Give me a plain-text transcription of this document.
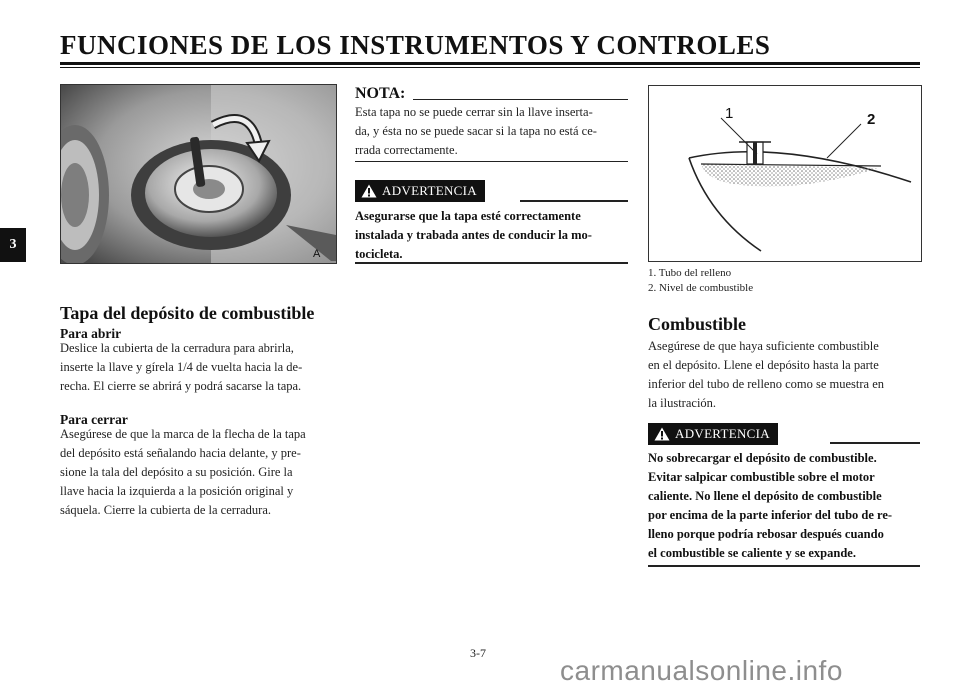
FUNCIONES DE LOS INSTRUMENTOS Y CONTROLES
3
A
Tapa del depósito de combustible
Para abrir
Deslice la cubierta de la cerradura para abrirla,
inserte la llave y gírela 1/4 de vuelta hacia la de-
recha. El cierre se abrirá y podrá sacarse la tapa.
Para cerrar
Asegúrese de que la marca de la flecha de la tapa
del depósito está señalando hacia delante, y pre-
sione la tala del depósito a su posición. Gire la
llave hacia la izquierda a la posición original y
sáquela. Cierre la cubierta de la cerradura.
NOTA:
Esta tapa no se puede cerrar sin la llave inserta-
da, y ésta no se puede sacar si la tapa no está ce-
rrada correctamente.
ADVERTENCIA
Asegurarse que la tapa esté correctamente
instalada y trabada antes de conducir la mo-
tocicleta.
1	2
1. Tubo del relleno
2. Nivel de combustible
Combustible
Asegúrese de que haya suficiente combustible
en el depósito. Llene el depósito hasta la parte
inferior del tubo de relleno como se muestra en
la ilustración.
ADVERTENCIA
No sobrecargar el depósito de combustible.
Evitar salpicar combustible sobre el motor
caliente. No llene el depósito de combustible
por encima de la parte inferior del tubo de re-
lleno porque podría rebosar después cuando
el combustible se caliente y se expande.
3-7
carmanualsonline.info
